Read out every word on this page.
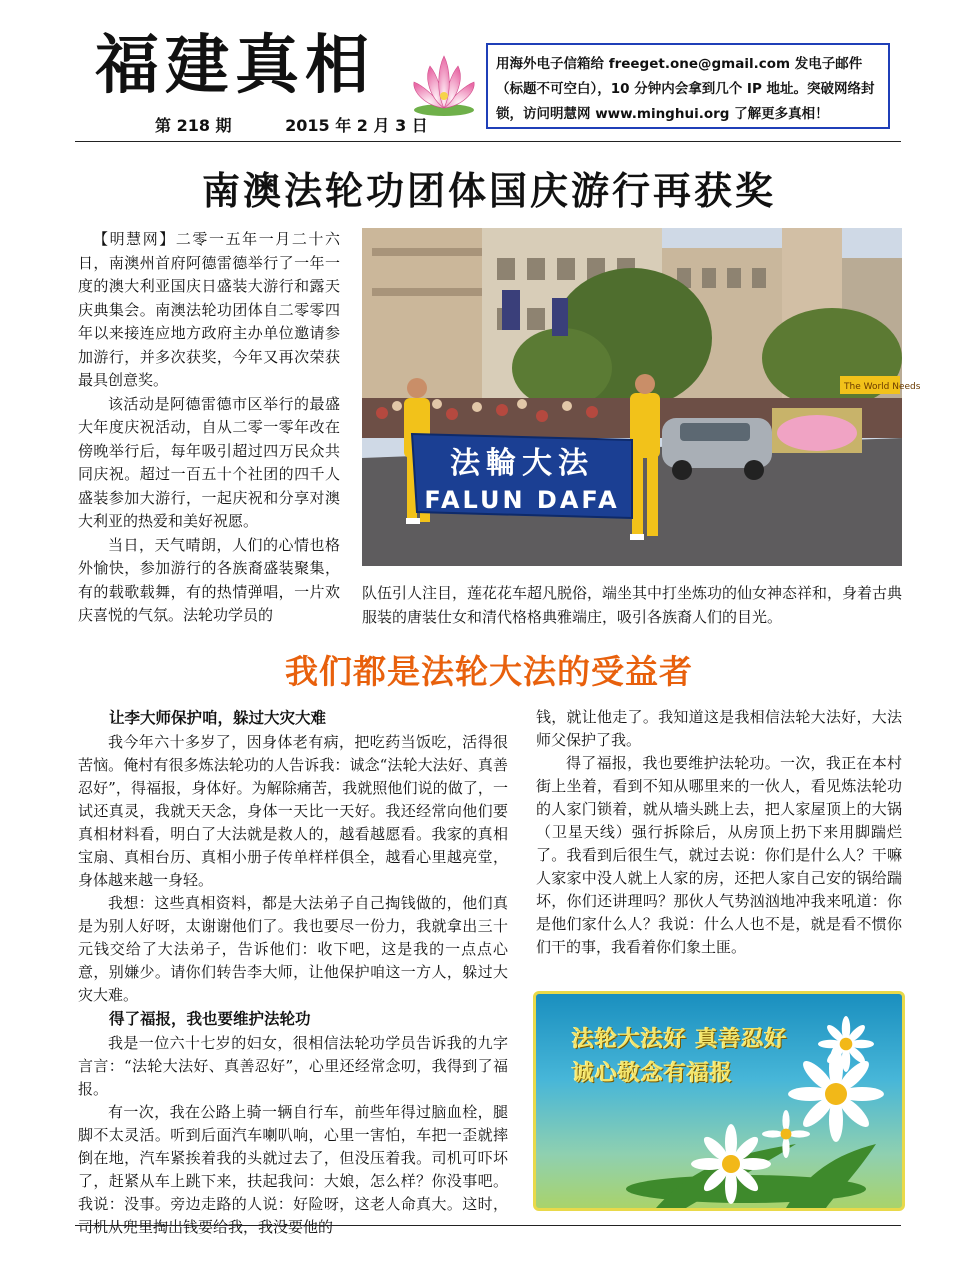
福建真相
第 218 期	2015 年 2 月 3 日
用海外电子信箱给 freeget.one@gmail.com 发电子邮件（标题不可空白），10 分钟内会拿到几个 IP 地址。突破网络封锁，访问明慧网 www.minghui.org 了解更多真相！
南澳法轮功团体国庆游行再获奖

【明慧网】二零一五年一月二十六日，南澳州首府阿德雷德举行了一年一度的澳大利亚国庆日盛装大游行和露天庆典集会。南澳法轮功团体自二零零四年以来接连应地方政府主办单位邀请参加游行，并多次获奖，今年又再次荣获最具创意奖。

该活动是阿德雷德市区举行的最盛大年度庆祝活动，自从二零一零年改在傍晚举行后，每年吸引超过四万民众共同庆祝。超过一百五十个社团的四千人盛装参加大游行，一起庆祝和分享对澳大利亚的热爱和美好祝愿。

当日，天气晴朗，人们的心情也格外愉快，参加游行的各族裔盛装聚集，有的载歌载舞，有的热情弹唱，一片欢庆喜悦的气氛。法轮功学员的

The World Needs
法輪大法
FALUN DAFA
队伍引人注目，莲花花车超凡脱俗，端坐其中打坐炼功的仙女神态祥和，身着古典服装的唐装仕女和清代格格典雅端庄，吸引各族裔人们的目光。
我们都是法轮大法的受益者
让李大师保护咱，躲过大灾大难

我今年六十多岁了，因身体老有病，把吃药当饭吃，活得很苦恼。俺村有很多炼法轮功的人告诉我：诚念“法轮大法好、真善忍好”，得福报，身体好。为解除痛苦，我就照他们说的做了，一试还真灵，我就天天念，身体一天比一天好。我还经常向他们要真相材料看，明白了大法就是救人的，越看越愿看。我家的真相宝扇、真相台历、真相小册子传单样样俱全，越看心里越亮堂，身体越来越一身轻。

我想：这些真相资料，都是大法弟子自己掏钱做的，他们真是为别人好呀，太谢谢他们了。我也要尽一份力，我就拿出三十元钱交给了大法弟子，告诉他们：收下吧，这是我的一点点心意，别嫌少。请你们转告李大师，让他保护咱这一方人，躲过大灾大难。

得了福报，我也要维护法轮功

我是一位六十七岁的妇女，很相信法轮功学员告诉我的九字言言：“法轮大法好、真善忍好”，心里还经常念叨，我得到了福报。

有一次，我在公路上骑一辆自行车，前些年得过脑血栓，腿脚不太灵活。听到后面汽车喇叭响，心里一害怕，车把一歪就摔倒在地，汽车紧挨着我的头就过去了，但没压着我。司机可吓坏了，赶紧从车上跳下来，扶起我问：大娘，怎么样？你没事吧。我说：没事。旁边走路的人说：好险呀，这老人命真大。这时，司机从兜里掏出钱要给我，我没要他的

钱，就让他走了。我知道这是我相信法轮大法好，大法师父保护了我。

得了福报，我也要维护法轮功。一次，我正在本村街上坐着，看到不知从哪里来的一伙人，看见炼法轮功的人家门锁着，就从墙头跳上去，把人家屋顶上的大锅（卫星天线）强行拆除后，从房顶上扔下来用脚踹烂了。我看到后很生气，就过去说：你们是什么人？干嘛人家家中没人就上人家的房，还把人家自己安的锅给踹坏，你们还讲理吗？那伙人气势汹汹地冲我来吼道：你是他们家什么人？我说：什么人也不是，就是看不惯你们干的事，我看着你们象土匪。

法轮大法好 真善忍好
诚心敬念有福报
